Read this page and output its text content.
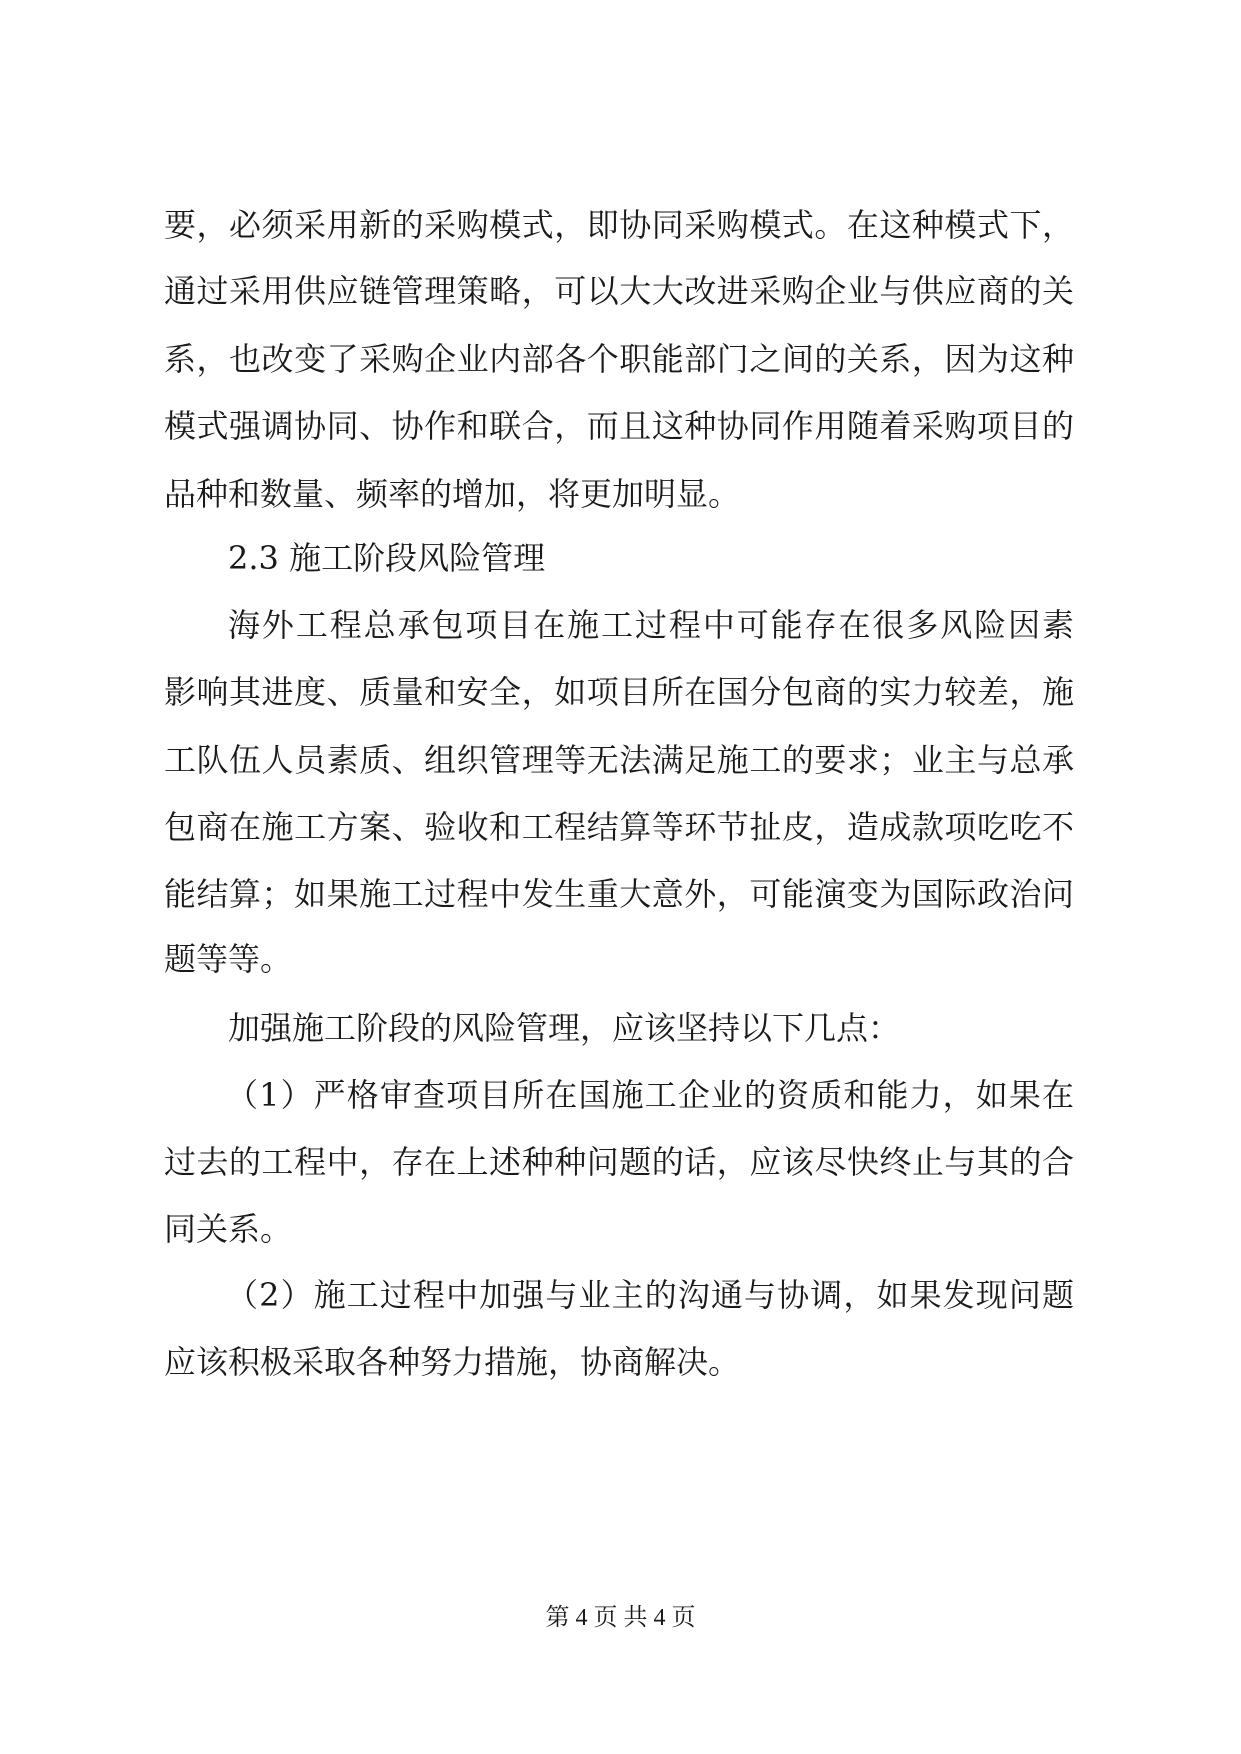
要，必须采用新的采购模式，即协同采购模式。在这种模式下，
通过采用供应链管理策略，可以大大改进采购企业与供应商的关
系，也改变了采购企业内部各个职能部门之间的关系，因为这种
模式强调协同、协作和联合，而且这种协同作用随着采购项目的
品种和数量、频率的增加，将更加明显。
2.3 施工阶段风险管理
海外工程总承包项目在施工过程中可能存在很多风险因素
影响其进度、质量和安全，如项目所在国分包商的实力较差，施
工队伍人员素质、组织管理等无法满足施工的要求；业主与总承
包商在施工方案、验收和工程结算等环节扯皮，造成款项吃吃不
能结算；如果施工过程中发生重大意外，可能演变为国际政治问
题等等。
加强施工阶段的风险管理，应该坚持以下几点：
（1）严格审查项目所在国施工企业的资质和能力，如果在
过去的工程中，存在上述种种问题的话，应该尽快终止与其的合
同关系。
（2）施工过程中加强与业主的沟通与协调，如果发现问题
应该积极采取各种努力措施，协商解决。
第 4 页 共 4 页
